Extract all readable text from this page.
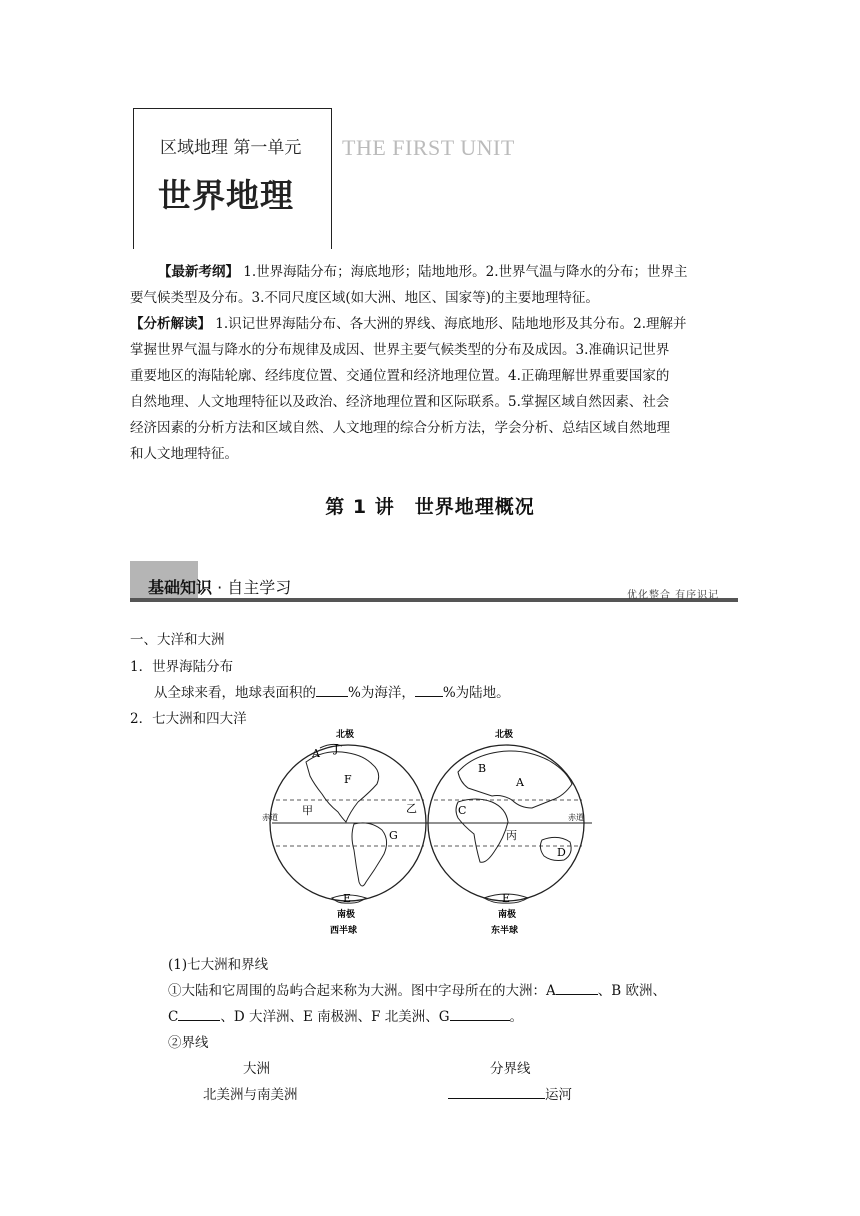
区域地理 第一单元 THE FIRST UNIT
世界地理
【最新考纲】 1.世界海陆分布；海底地形；陆地地形。2.世界气温与降水的分布；世界主
要气候类型及分布。3.不同尺度区域(如大洲、地区、国家等)的主要地理特征。
【分析解读】 1.识记世界海陆分布、各大洲的界线、海底地形、陆地地形及其分布。2.理解并
掌握世界气温与降水的分布规律及成因、世界主要气候类型的分布及成因。3.准确识记世界
重要地区的海陆轮廓、经纬度位置、交通位置和经济地理位置。4.正确理解世界重要国家的
自然地理、人文地理特征以及政治、经济地理位置和区际联系。5.掌握区域自然因素、社会
经济因素的分析方法和区域自然、人文地理的综合分析方法，学会分析、总结区域自然地理
和人文地理特征。
第 1 讲　世界地理概况
基础知识 · 自主学习	优化整合 有序识记
一、大洋和大洲
1．世界海陆分布
从全球来看，地球表面积的 %为海洋， %为陆地。
2．七大洲和四大洋
北极
南极
西半球
赤道
A J
F
甲	乙
G
E
北极
南极
东半球
赤道
B
A
C
丙
D
E
(1)七大洲和界线
①大陆和它周围的岛屿合起来称为大洲。图中字母所在的大洲：A	、B 欧洲、
C	、D 大洋洲、E 南极洲、F 北美洲、G	。
②界线
大洲	分界线
北美洲与南美洲	运河
